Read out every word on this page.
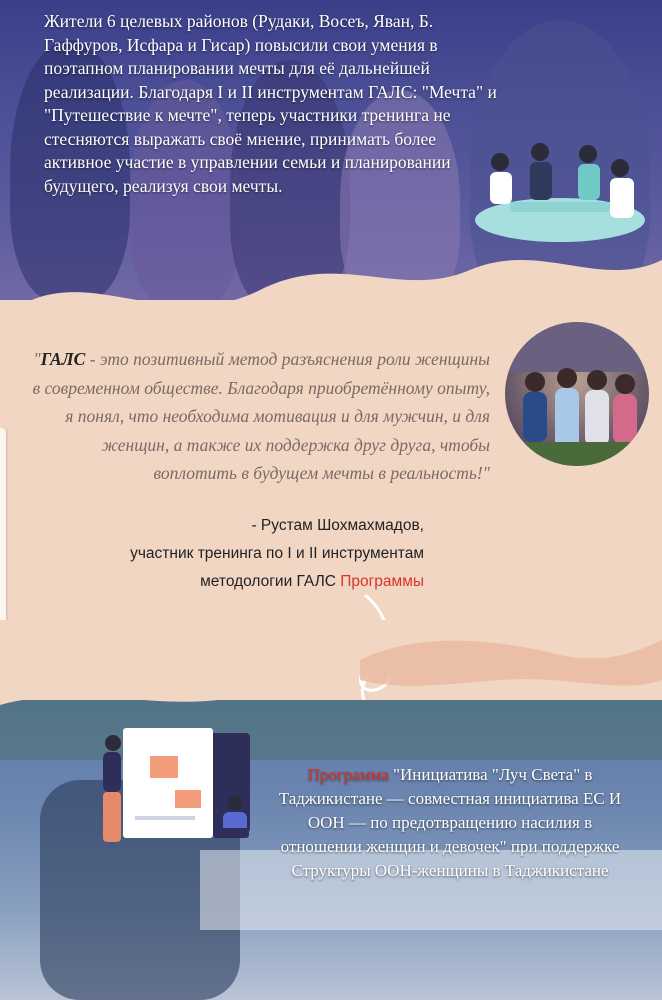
Жители 6 целевых районов (Рудаки, Восеъ, Яван, Б. Гаффуров, Исфара и Гисар) повысили свои умения в поэтапном планировании мечты для её дальнейшей реализации. Благодаря I и II инструментам ГАЛС: "Мечта" и "Путешествие к мечте", теперь участники тренинга не стесняются выражать своё мнение, принимать более активное участие в управлении семьи и планировании будущего, реализуя свои мечты.
"ГАЛС - это позитивный метод разъяснения роли женщины в современном обществе. Благодаря приобретённому опыту, я понял, что необходима мотивация и для мужчин, и для женщин, а также их поддержка друг друга, чтобы воплотить в будущем мечты в реальность!"
- Рустам Шохмахмадов,
участник тренинга по I и II инструментам
методологии ГАЛС Программы
Программа "Инициатива "Луч Света" в Таджикистане — совместная инициатива ЕС И ООН — по предотвращению насилия в отношении женщин и девочек" при поддержке Структуры ООН-женщины в Таджикистане
